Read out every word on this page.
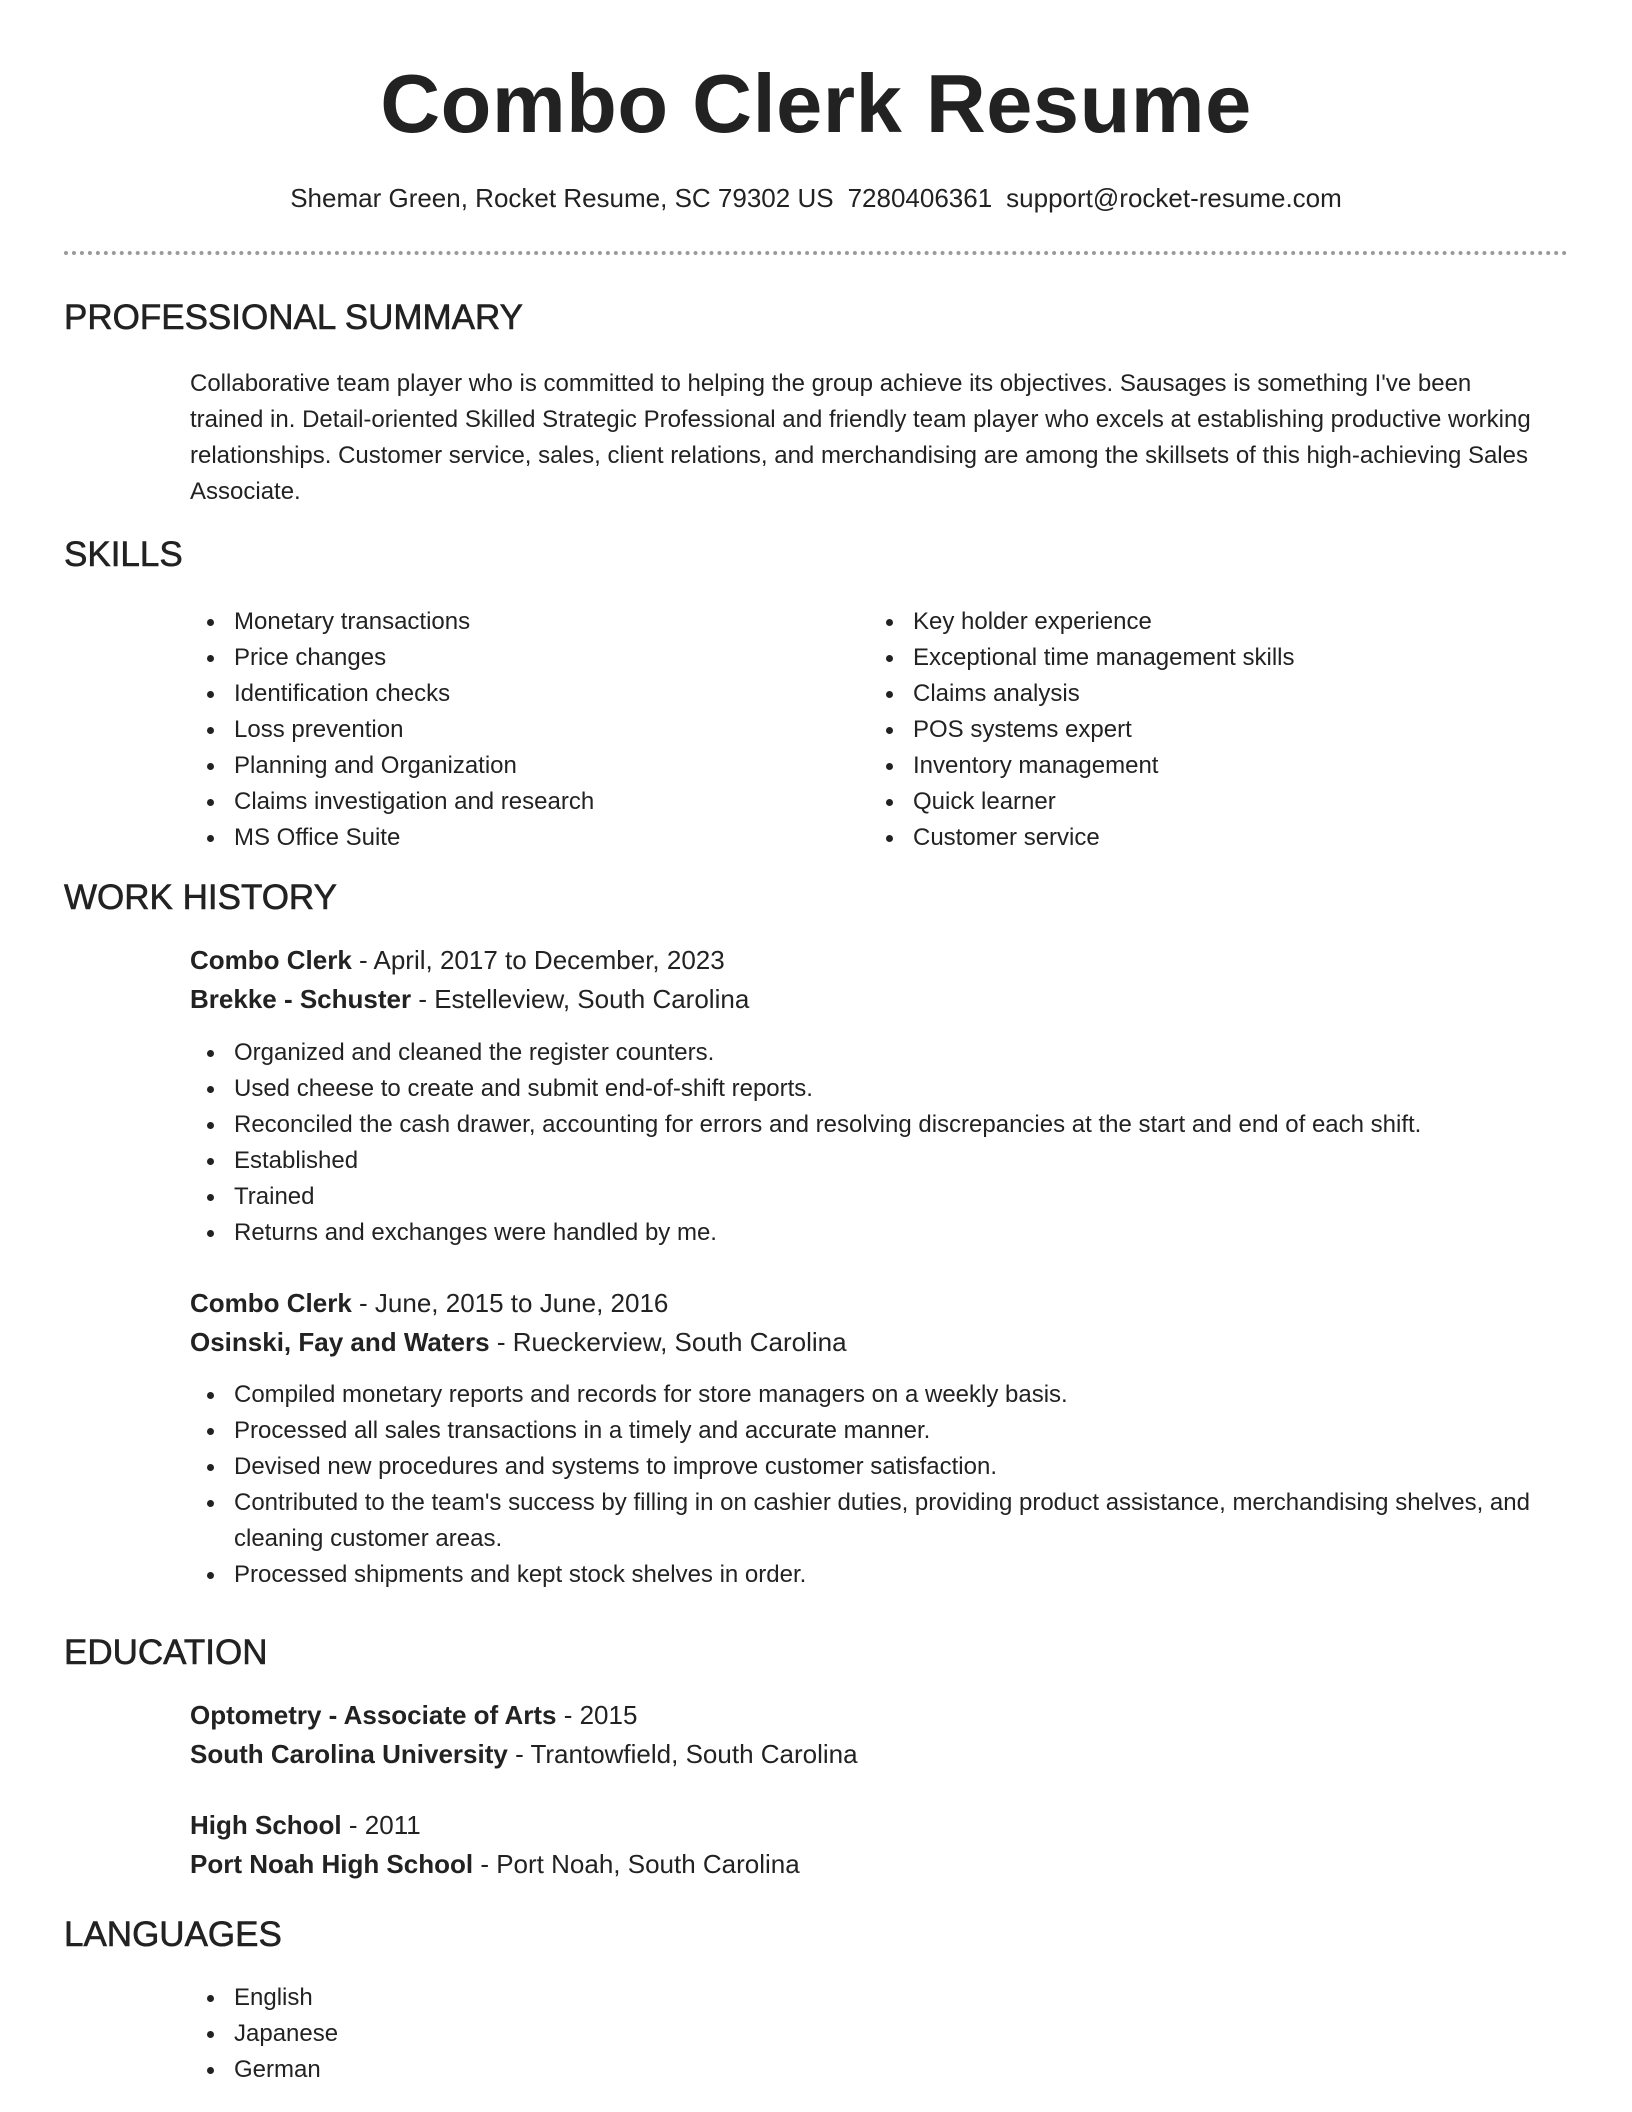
Combo Clerk Resume
Shemar Green, Rocket Resume, SC 79302 US 7280406361 support@rocket-resume.com
PROFESSIONAL SUMMARY

Collaborative team player who is committed to helping the group achieve its objectives. Sausages is something I've been trained in. Detail-oriented Skilled Strategic Professional and friendly team player who excels at establishing productive working relationships. Customer service, sales, client relations, and merchandising are among the skillsets of this high-achieving Sales Associate.

SKILLS
Monetary transactions
Price changes
Identification checks
Loss prevention
Planning and Organization
Claims investigation and research
MS Office Suite
Key holder experience
Exceptional time management skills
Claims analysis
POS systems expert
Inventory management
Quick learner
Customer service
WORK HISTORY
Combo Clerk - April, 2017 to December, 2023
Brekke - Schuster - Estelleview, South Carolina
Organized and cleaned the register counters.
Used cheese to create and submit end-of-shift reports.
Reconciled the cash drawer, accounting for errors and resolving discrepancies at the start and end of each shift.
Established
Trained
Returns and exchanges were handled by me.
Combo Clerk - June, 2015 to June, 2016
Osinski, Fay and Waters - Rueckerview, South Carolina
Compiled monetary reports and records for store managers on a weekly basis.
Processed all sales transactions in a timely and accurate manner.
Devised new procedures and systems to improve customer satisfaction.
Contributed to the team's success by filling in on cashier duties, providing product assistance, merchandising shelves, and cleaning customer areas.
Processed shipments and kept stock shelves in order.
EDUCATION
Optometry - Associate of Arts - 2015
South Carolina University - Trantowfield, South Carolina
High School - 2011
Port Noah High School - Port Noah, South Carolina
LANGUAGES
English
Japanese
German
